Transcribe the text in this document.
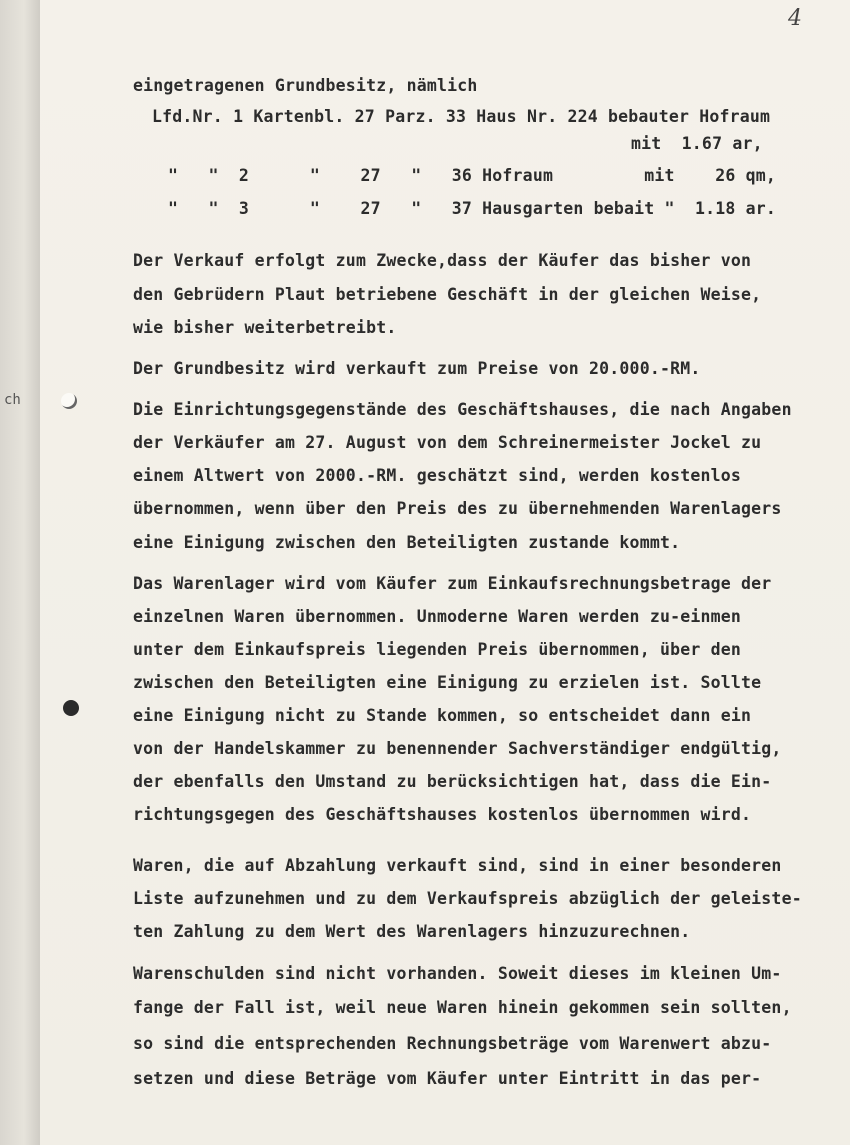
ch
4
eingetragenen Grundbesitz, nämlich
Lfd.Nr. 1 Kartenbl. 27 Parz. 33 Haus Nr. 224 bebauter Hofraum
mit  1.67 ar,
"   "  2      "    27   "   36 Hofraum         mit    26 qm,
"   "  3      "    27   "   37 Hausgarten bebait "  1.18 ar.
Der Verkauf erfolgt zum Zwecke,dass der Käufer das bisher von
den Gebrüdern Plaut betriebene Geschäft in der gleichen Weise,
wie bisher weiterbetreibt.
Der Grundbesitz wird verkauft zum Preise von 20.000.-RM.
Die Einrichtungsgegenstände des Geschäftshauses, die nach Angaben
der Verkäufer am 27. August von dem Schreinermeister Jockel zu
einem Altwert von 2000.-RM. geschätzt sind, werden kostenlos
übernommen, wenn über den Preis des zu übernehmenden Warenlagers
eine Einigung zwischen den Beteiligten zustande kommt.
Das Warenlager wird vom Käufer zum Einkaufsrechnungsbetrage der
einzelnen Waren übernommen. Unmoderne Waren werden zu-einmen
unter dem Einkaufspreis liegenden Preis übernommen, über den
zwischen den Beteiligten eine Einigung zu erzielen ist. Sollte
eine Einigung nicht zu Stande kommen, so entscheidet dann ein
von der Handelskammer zu benennender Sachverständiger endgültig,
der ebenfalls den Umstand zu berücksichtigen hat, dass die Ein-
richtungsgegen des Geschäftshauses kostenlos übernommen wird.
Waren, die auf Abzahlung verkauft sind, sind in einer besonderen
Liste aufzunehmen und zu dem Verkaufspreis abzüglich der geleiste-
ten Zahlung zu dem Wert des Warenlagers hinzuzurechnen.
Warenschulden sind nicht vorhanden. Soweit dieses im kleinen Um-
fange der Fall ist, weil neue Waren hinein gekommen sein sollten,
so sind die entsprechenden Rechnungsbeträge vom Warenwert abzu-
setzen und diese Beträge vom Käufer unter Eintritt in das per-
